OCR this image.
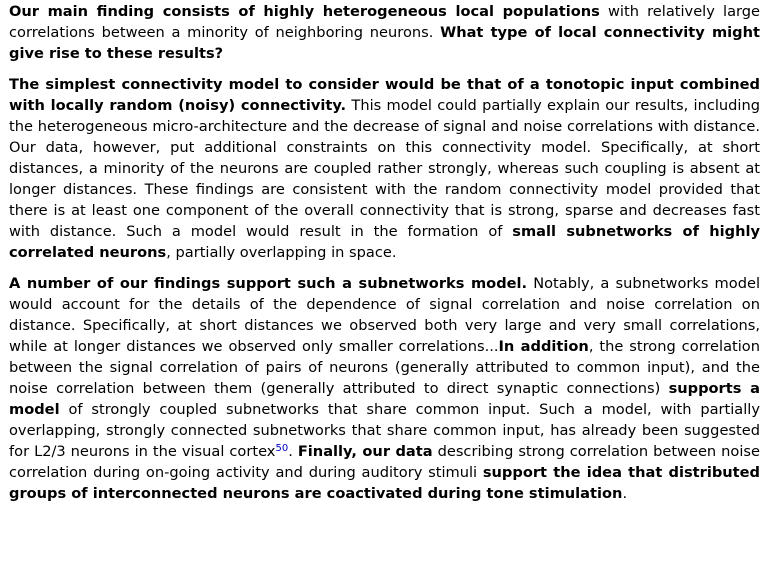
Our main finding consists of highly heterogeneous local populations with relatively large correlations between a minority of neighboring neurons. What type of local connectivity might give rise to these results?

The simplest connectivity model to consider would be that of a tonotopic input combined with locally random (noisy) connectivity. This model could partially explain our results, including the heterogeneous micro-architecture and the decrease of signal and noise correlations with distance. Our data, however, put additional constraints on this connectivity model. Specifically, at short distances, a minority of the neurons are coupled rather strongly, whereas such coupling is absent at longer distances. These findings are consistent with the random connectivity model provided that there is at least one component of the overall connectivity that is strong, sparse and decreases fast with distance. Such a model would result in the formation of small subnetworks of highly correlated neurons, partially overlapping in space.

A number of our findings support such a subnetworks model. Notably, a subnetworks model would account for the details of the dependence of signal correlation and noise correlation on distance. Specifically, at short distances we observed both very large and very small correlations, while at longer distances we observed only smaller correlations...In addition, the strong correlation between the signal correlation of pairs of neurons (generally attributed to common input), and the noise correlation between them (generally attributed to direct synaptic connections) supports a model of strongly coupled subnetworks that share common input. Such a model, with partially overlapping, strongly connected subnetworks that share common input, has already been suggested for L2/3 neurons in the visual cortex$^{50}$. Finally, our data describing strong correlation between noise correlation during on-going activity and during auditory stimuli support the idea that distributed groups of interconnected neurons are coactivated during tone stimulation.
